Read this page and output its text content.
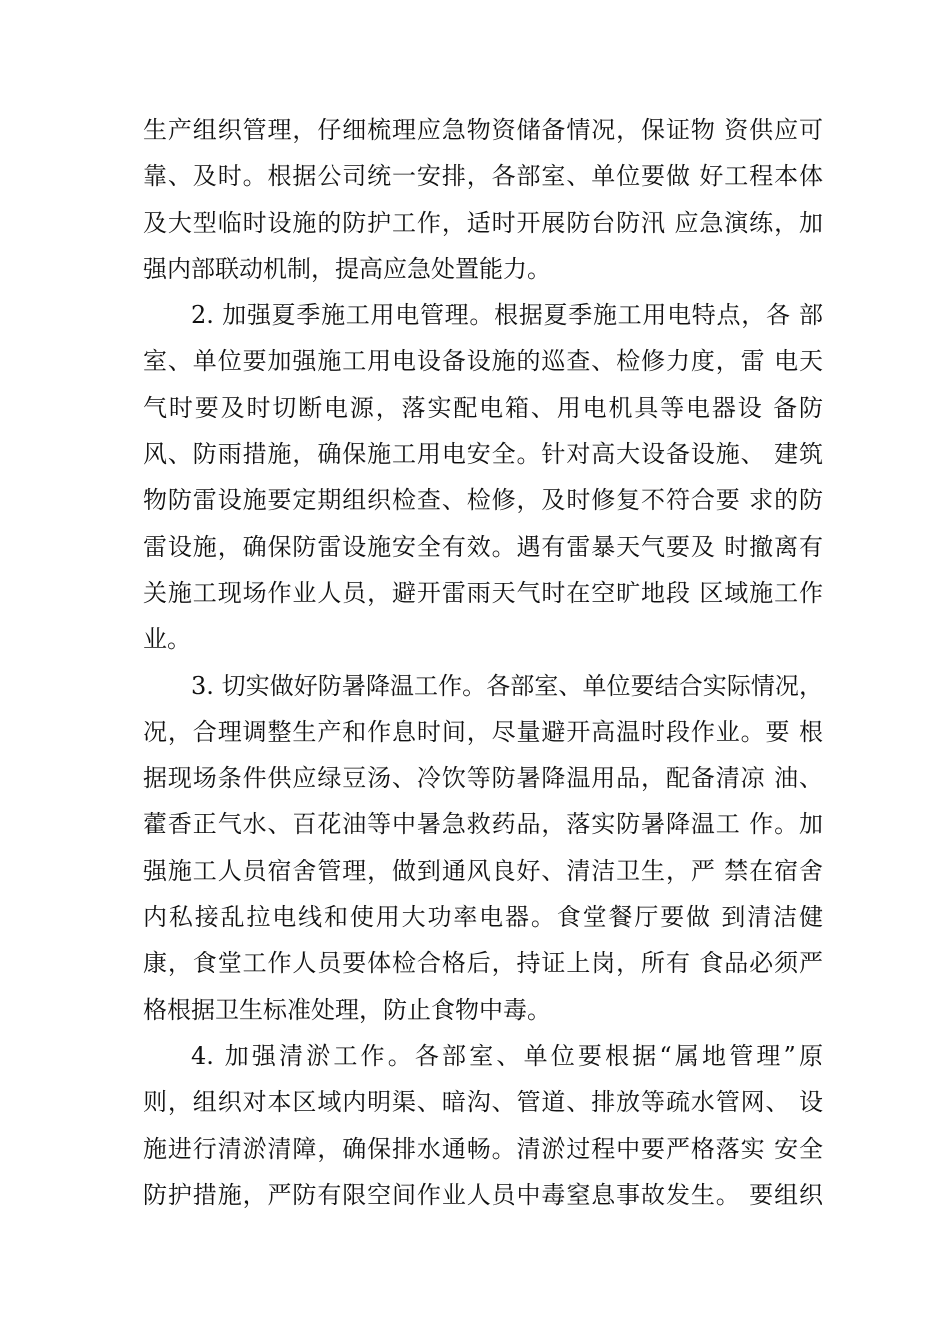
生产组织管理，仔细梳理应急物资储备情况，保证物 资供应可
靠、及时。根据公司统一安排，各部室、单位要做 好工程本体
及大型临时设施的防护工作，适时开展防台防汛 应急演练，加
强内部联动机制，提高应急处置能力。
2. 加强夏季施工用电管理。根据夏季施工用电特点，各 部
室、单位要加强施工用电设备设施的巡查、检修力度，雷 电天
气时要及时切断电源，落实配电箱、用电机具等电器设 备防
风、防雨措施，确保施工用电安全。针对高大设备设施、 建筑
物防雷设施要定期组织检查、检修，及时修复不符合要 求的防
雷设施，确保防雷设施安全有效。遇有雷暴天气要及 时撤离有
关施工现场作业人员，避开雷雨天气时在空旷地段 区域施工作
业。
3. 切实做好防暑降温工作。各部室、单位要结合实际情况，
况，合理调整生产和作息时间，尽量避开高温时段作业。要 根
据现场条件供应绿豆汤、冷饮等防暑降温用品，配备清凉 油、
藿香正气水、百花油等中暑急救药品，落实防暑降温工 作。加
强施工人员宿舍管理，做到通风良好、清洁卫生，严 禁在宿舍
内私接乱拉电线和使用大功率电器。食堂餐厅要做 到清洁健
康，食堂工作人员要体检合格后，持证上岗，所有 食品必须严
格根据卫生标准处理，防止食物中毒。
4. 加强清淤工作。各部室、单位要根据“属地管理”原
则，组织对本区域内明渠、暗沟、管道、排放等疏水管网、 设
施进行清淤清障，确保排水通畅。清淤过程中要严格落实 安全
防护措施，严防有限空间作业人员中毒窒息事故发生。 要组织
